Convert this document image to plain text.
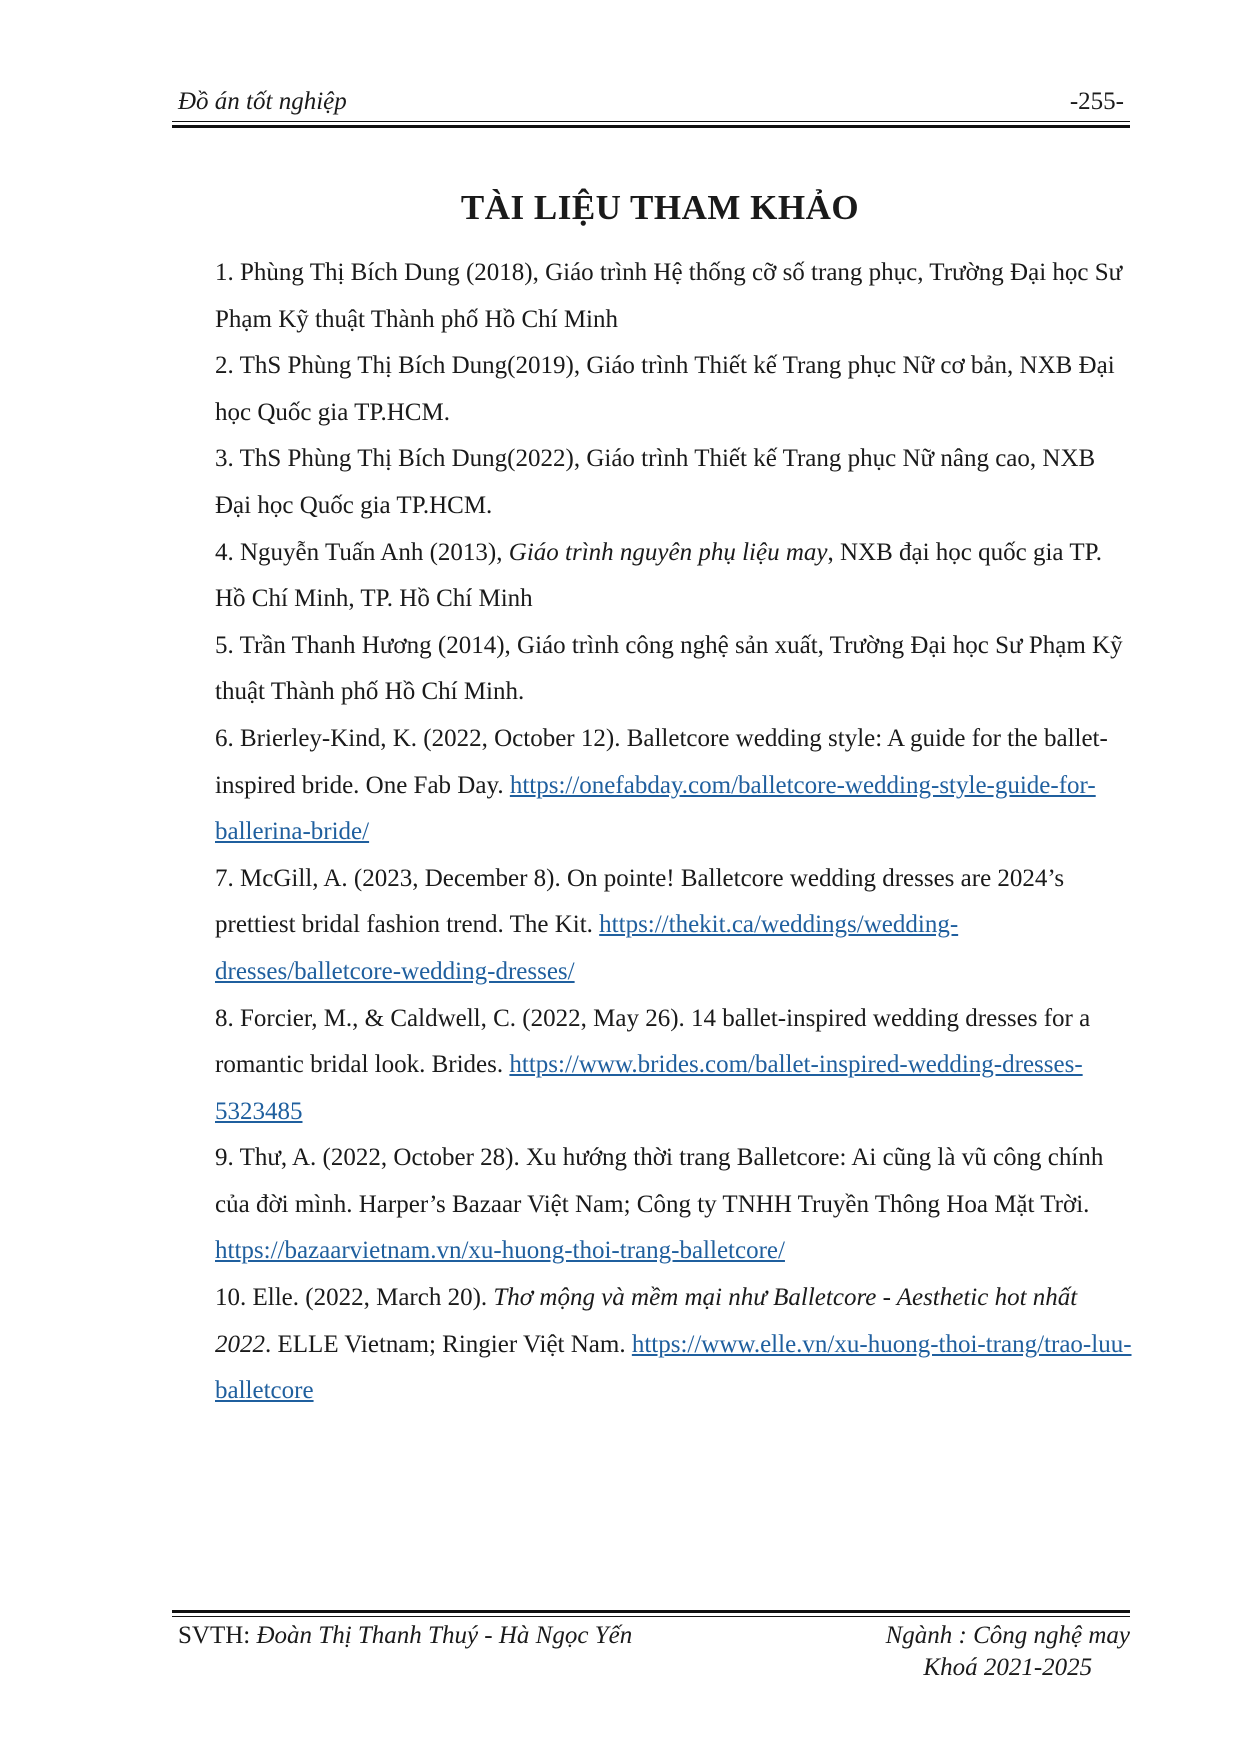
Đồ án tốt nghiệp	-255-
TÀI LIỆU THAM KHẢO

1. Phùng Thị Bích Dung (2018), Giáo trình Hệ thống cỡ số trang phục, Trường Đại học Sư Phạm Kỹ thuật Thành phố Hồ Chí Minh

2. ThS Phùng Thị Bích Dung(2019), Giáo trình Thiết kế Trang phục Nữ cơ bản, NXB Đại học Quốc gia TP.HCM.

3. ThS Phùng Thị Bích Dung(2022), Giáo trình Thiết kế Trang phục Nữ nâng cao, NXB Đại học Quốc gia TP.HCM.

4. Nguyễn Tuấn Anh (2013), Giáo trình nguyên phụ liệu may, NXB đại học quốc gia TP. Hồ Chí Minh, TP. Hồ Chí Minh

5. Trần Thanh Hương (2014), Giáo trình công nghệ sản xuất, Trường Đại học Sư Phạm Kỹ thuật Thành phố Hồ Chí Minh.

6. Brierley-Kind, K. (2022, October 12). Balletcore wedding style: A guide for the ballet-inspired bride. One Fab Day. https://onefabday.com/balletcore-wedding-style-guide-for-ballerina-bride/

7. McGill, A. (2023, December 8). On pointe! Balletcore wedding dresses are 2024’s prettiest bridal fashion trend. The Kit. https://thekit.ca/weddings/wedding-dresses/balletcore-wedding-dresses/

8. Forcier, M., & Caldwell, C. (2022, May 26). 14 ballet-inspired wedding dresses for a romantic bridal look. Brides. https://www.brides.com/ballet-inspired-wedding-dresses-5323485

9. Thư, A. (2022, October 28). Xu hướng thời trang Balletcore: Ai cũng là vũ công chính của đời mình. Harper’s Bazaar Việt Nam; Công ty TNHH Truyền Thông Hoa Mặt Trời. https://bazaarvietnam.vn/xu-huong-thoi-trang-balletcore/

10. Elle. (2022, March 20). Thơ mộng và mềm mại như Balletcore - Aesthetic hot nhất 2022. ELLE Vietnam; Ringier Việt Nam. https://www.elle.vn/xu-huong-thoi-trang/trao-luu-balletcore

SVTH: Đoàn Thị Thanh Thuý - Hà Ngọc Yến	Ngành : Công nghệ may
Khoá 2021-2025
